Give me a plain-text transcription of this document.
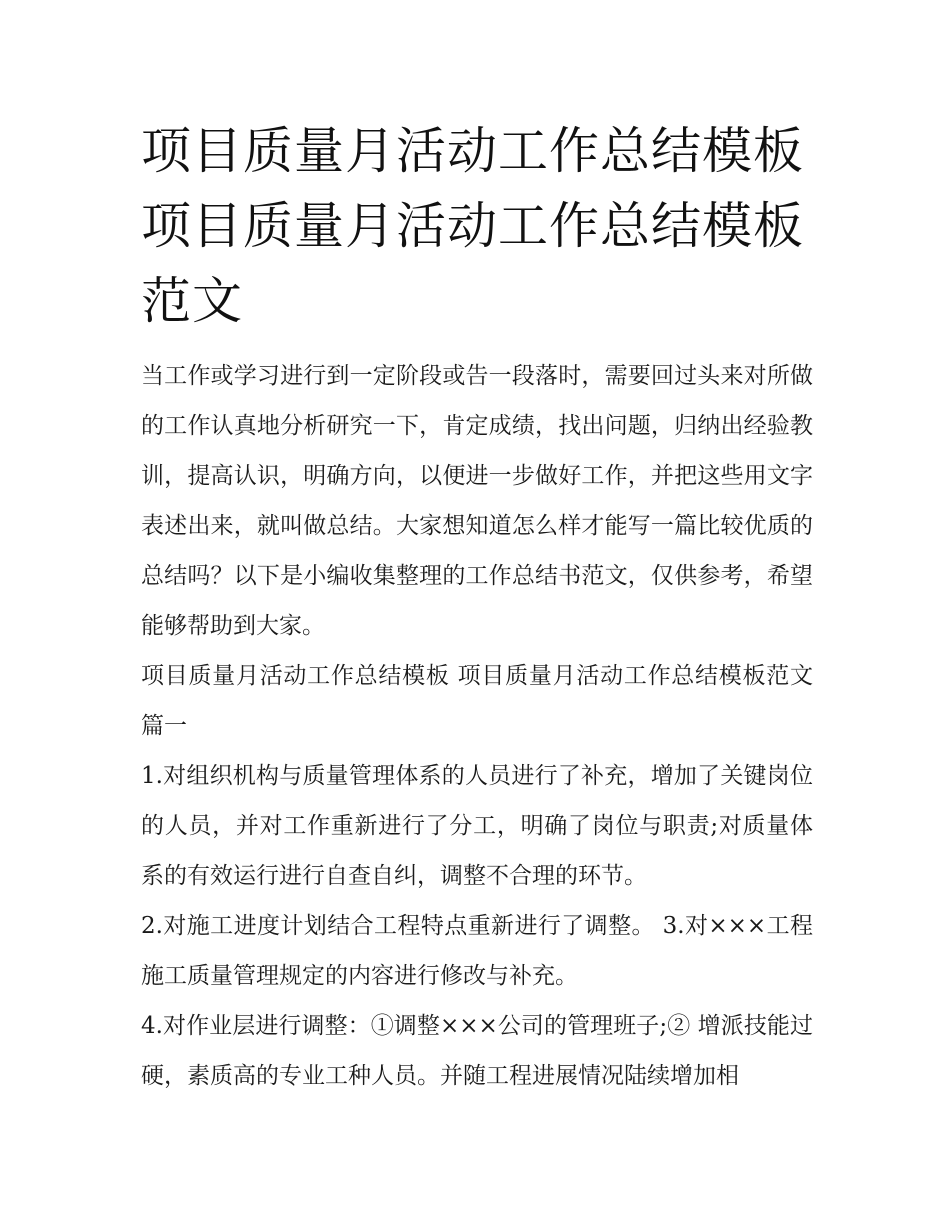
项目质量月活动工作总结模板 项目质量月活动工作总结模板范文

当工作或学习进行到一定阶段或告一段落时，需要回过头来对所做的工作认真地分析研究一下，肯定成绩，找出问题，归纳出经验教训，提高认识，明确方向，以便进一步做好工作，并把这些用文字表述出来，就叫做总结。大家想知道怎么样才能写一篇比较优质的总结吗？以下是小编收集整理的工作总结书范文，仅供参考，希望能够帮助到大家。

项目质量月活动工作总结模板 项目质量月活动工作总结模板范文篇一

1.对组织机构与质量管理体系的人员进行了补充，增加了关键岗位的人员，并对工作重新进行了分工，明确了岗位与职责;对质量体系的有效运行进行自查自纠，调整不合理的环节。

2.对施工进度计划结合工程特点重新进行了调整。 3.对×××工程施工质量管理规定的内容进行修改与补充。

4.对作业层进行调整：①调整×××公司的管理班子;② 增派技能过硬，素质高的专业工种人员。并随工程进展情况陆续增加相
